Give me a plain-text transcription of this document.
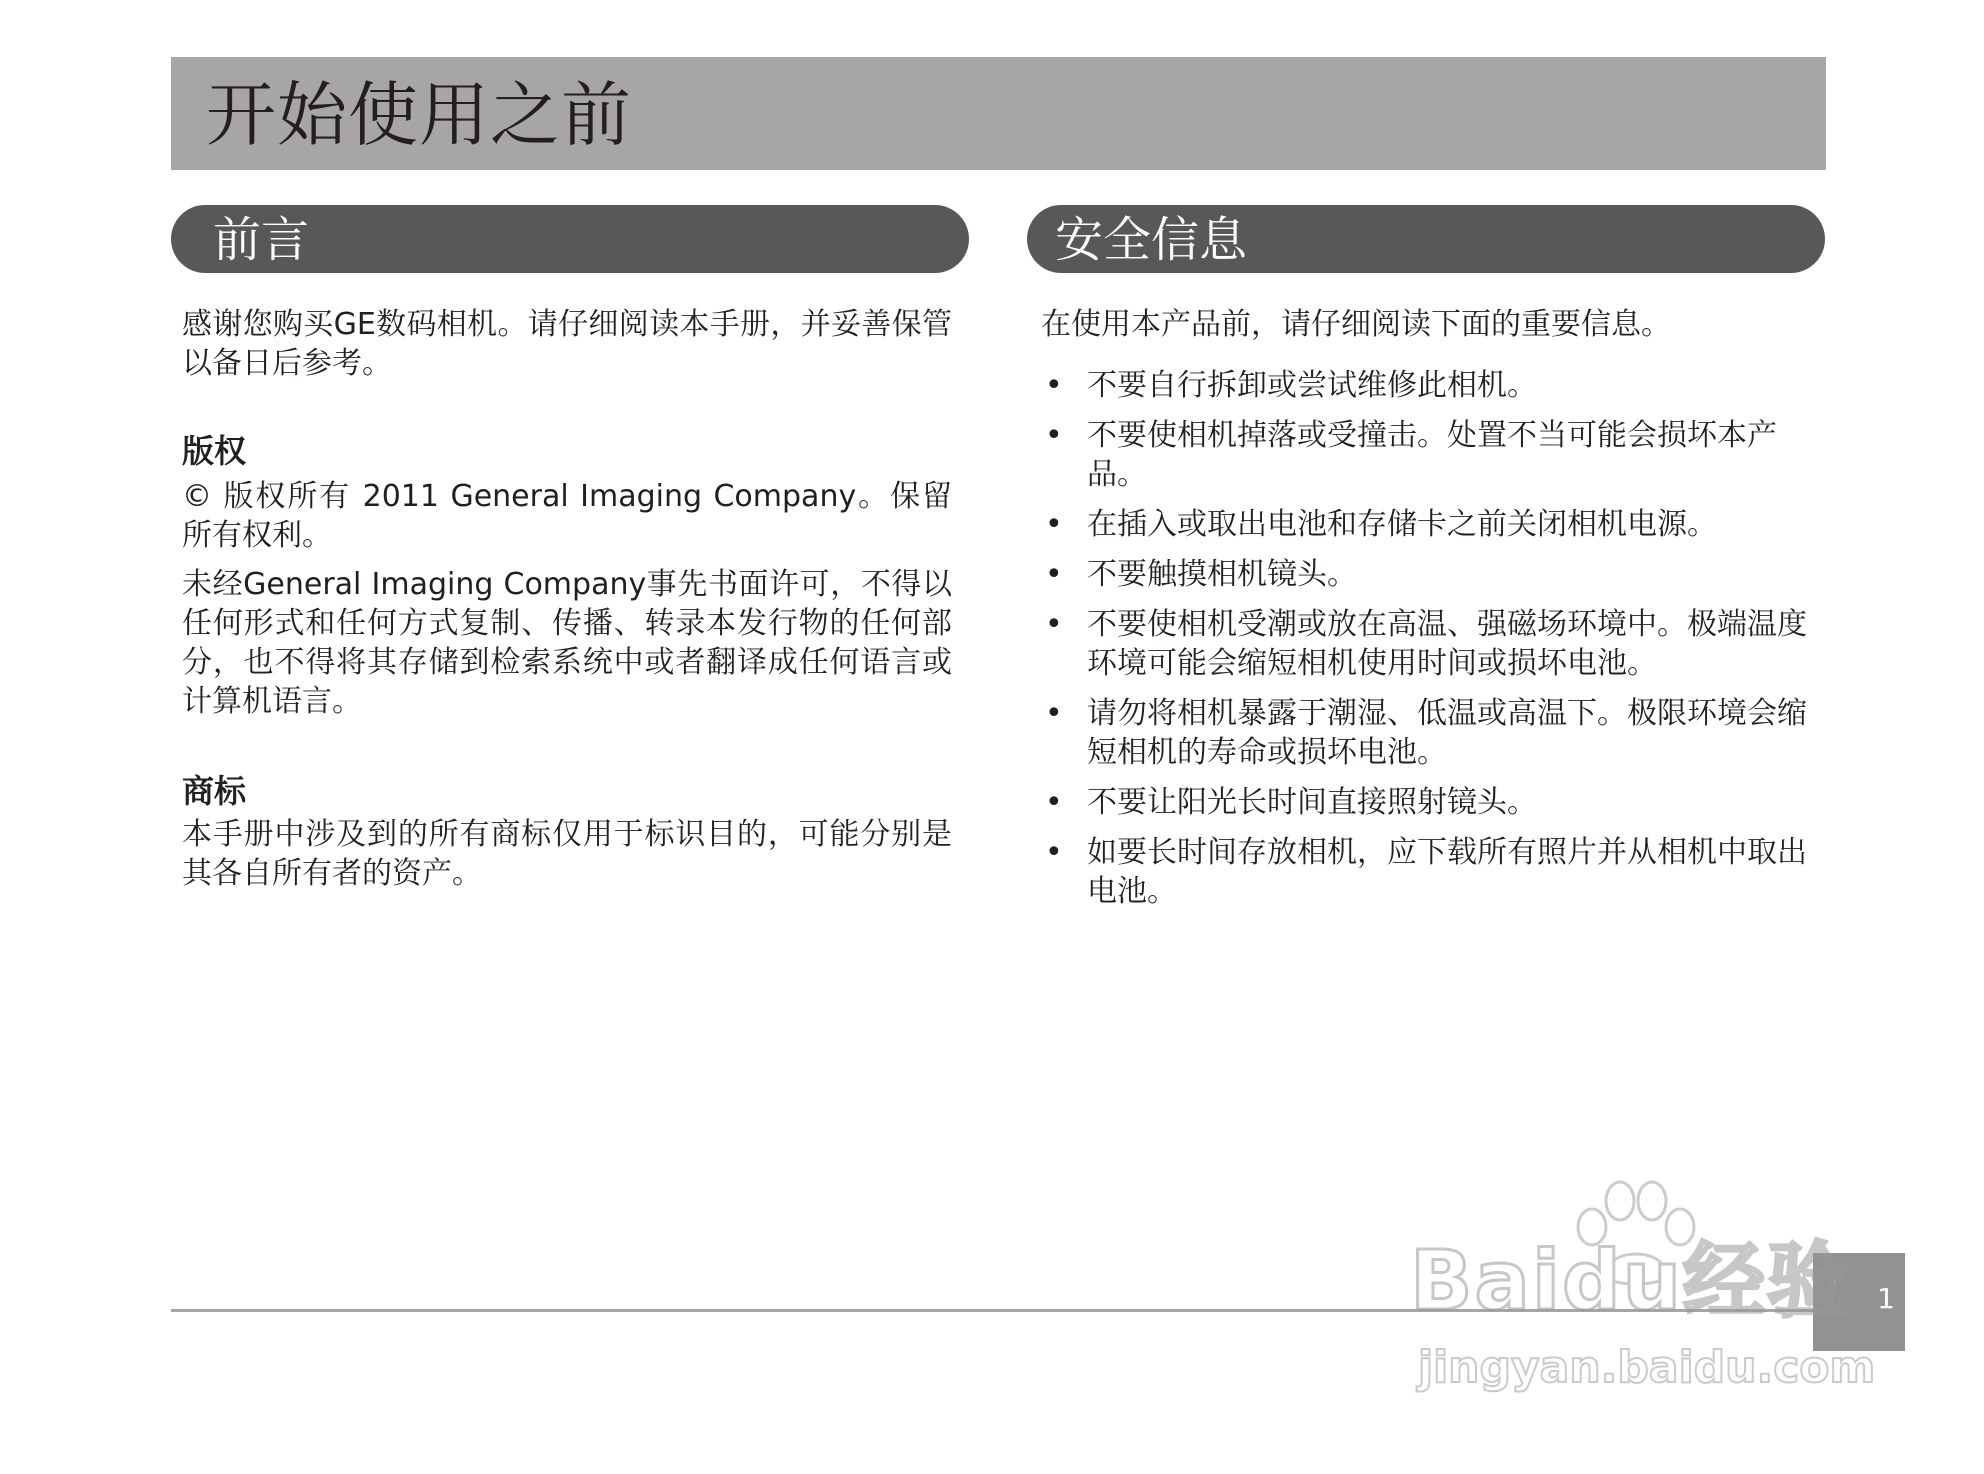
开始使用之前
前言	安全信息

感谢您购买GE数码相机。请仔细阅读本手册，并妥善保管以备日后参考。

版权

© 版权所有 2011 General Imaging Company。保留所有权利。

未经General Imaging Company事先书面许可，不得以任何形式和任何方式复制、传播、转录本发行物的任何部分，也不得将其存储到检索系统中或者翻译成任何语言或计算机语言。

商标

本手册中涉及到的所有商标仅用于标识目的，可能分别是其各自所有者的资产。

在使用本产品前，请仔细阅读下面的重要信息。

• 不要自行拆卸或尝试维修此相机。
• 不要使相机掉落或受撞击。处置不当可能会损坏本产品。
• 在插入或取出电池和存储卡之前关闭相机电源。
• 不要触摸相机镜头。
• 不要使相机受潮或放在高温、强磁场环境中。极端温度环境可能会缩短相机使用时间或损坏电池。
• 请勿将相机暴露于潮湿、低温或高温下。极限环境会缩短相机的寿命或损坏电池。
• 不要让阳光长时间直接照射镜头。
• 如要长时间存放相机，应下载所有照片并从相机中取出电池。
1
Baidu经验
jingyan.baidu.com
